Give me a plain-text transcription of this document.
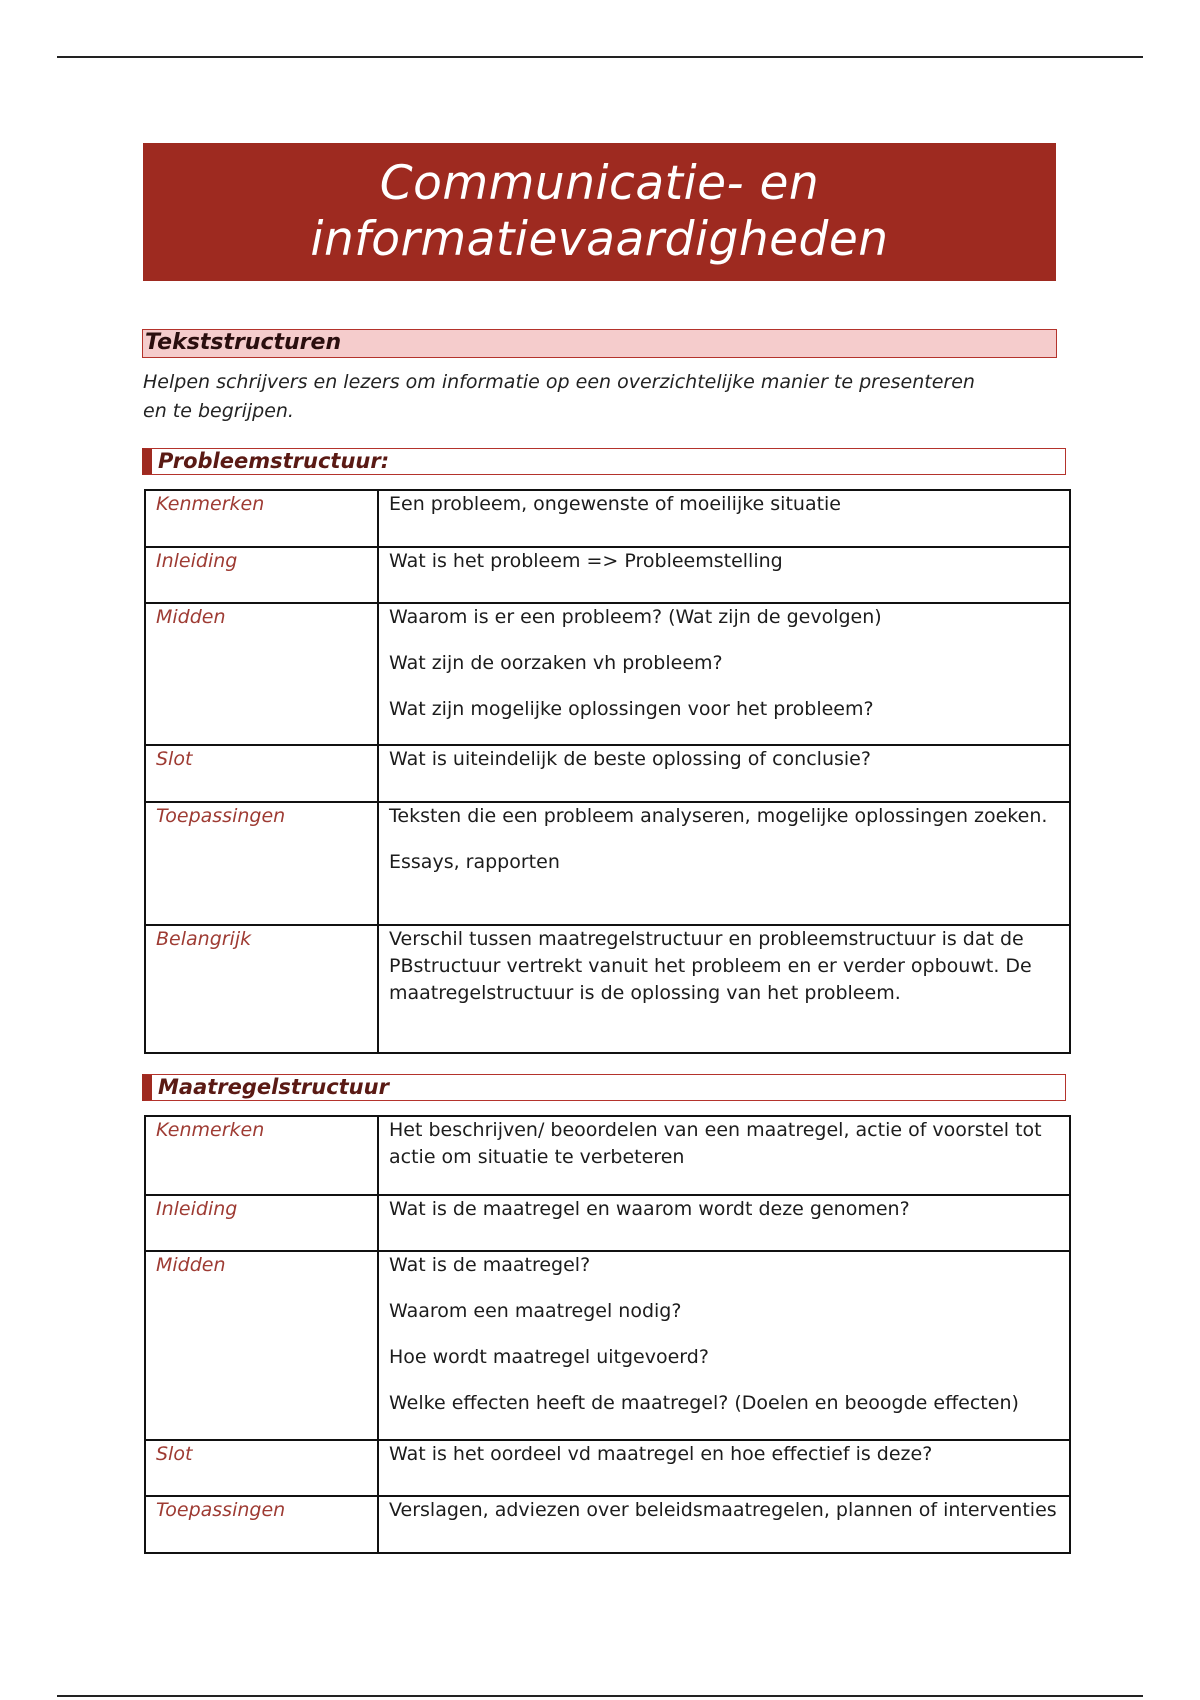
Communicatie- en
informatievaardigheden
Tekststructuren
Helpen schrijvers en lezers om informatie op een overzichtelijke manier te presenteren
en te begrijpen.
Probleemstructuur:
Kenmerken	Een probleem, ongewenste of moeilijke situatie

Inleiding	Wat is het probleem => Probleemstelling

Midden	Waarom is er een probleem? (Wat zijn de gevolgen)
Wat zijn de oorzaken vh probleem?
Wat zijn mogelijke oplossingen voor het probleem?

Slot	Wat is uiteindelijk de beste oplossing of conclusie?

Toepassingen	Teksten die een probleem analyseren, mogelijke oplossingen zoeken.
Essays, rapporten

Belangrijk	Verschil tussen maatregelstructuur en probleemstructuur is dat de PBstructuur vertrekt vanuit het probleem en er verder opbouwt. De maatregelstructuur is de oplossing van het probleem.
Maatregelstructuur
Kenmerken	Het beschrijven/ beoordelen van een maatregel, actie of voorstel tot actie om situatie te verbeteren

Inleiding	Wat is de maatregel en waarom wordt deze genomen?

Midden	Wat is de maatregel?
Waarom een maatregel nodig?
Hoe wordt maatregel uitgevoerd?
Welke effecten heeft de maatregel? (Doelen en beoogde effecten)

Slot	Wat is het oordeel vd maatregel en hoe effectief is deze?

Toepassingen	Verslagen, adviezen over beleidsmaatregelen, plannen of interventies
